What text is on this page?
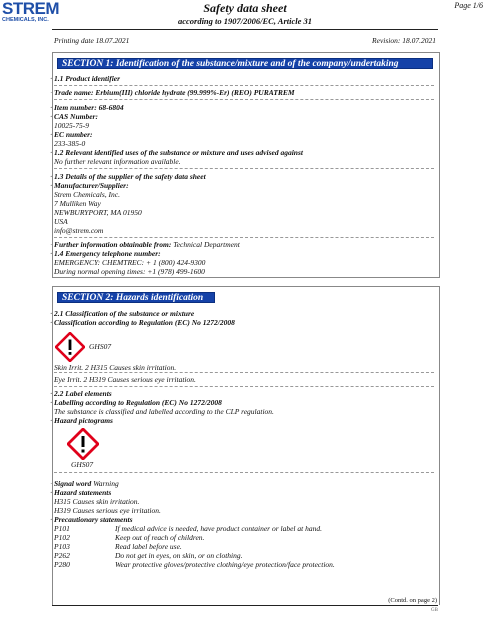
STREM
CHEMICALS, INC.
Safety data sheet
according to 1907/2006/EC, Article 31
Page 1/6
Printing date 18.07.2021	Revision: 18.07.2021
SECTION 1: Identification of the substance/mixture and of the company/undertaking
· 1.1 Product identifier
· Trade name: Erbium(III) chloride hydrate (99.999%-Er) (REO) PURATREM
· Item number: 68-6804
· CAS Number:
10025-75-9
· EC number:
233-385-0
· 1.2 Relevant identified uses of the substance or mixture and uses advised against
No further relevant information available.
· 1.3 Details of the supplier of the safety data sheet
· Manufacturer/Supplier:
Strem Chemicals, Inc.
7 Mulliken Way
NEWBURYPORT, MA 01950
USA
info@strem.com
· Further information obtainable from: Technical Department
· 1.4 Emergency telephone number:
EMERGENCY: CHEMTREC: + 1 (800) 424-9300
During normal opening times: +1 (978) 499-1600
SECTION 2: Hazards identification
· 2.1 Classification of the substance or mixture
· Classification according to Regulation (EC) No 1272/2008
GHS07
Skin Irrit. 2 H315 Causes skin irritation.
Eye Irrit. 2 H319 Causes serious eye irritation.
· 2.2 Label elements
· Labelling according to Regulation (EC) No 1272/2008
The substance is classified and labelled according to the CLP regulation.
· Hazard pictograms
GHS07
· Signal word Warning
· Hazard statements
H315 Causes skin irritation.
H319 Causes serious eye irritation.
· Precautionary statements
P101	If medical advice is needed, have product container or label at hand.
P102	Keep out of reach of children.
P103	Read label before use.
P262	Do not get in eyes, on skin, or on clothing.
P280	Wear protective gloves/protective clothing/eye protection/face protection.
(Contd. on page 2)
GB
